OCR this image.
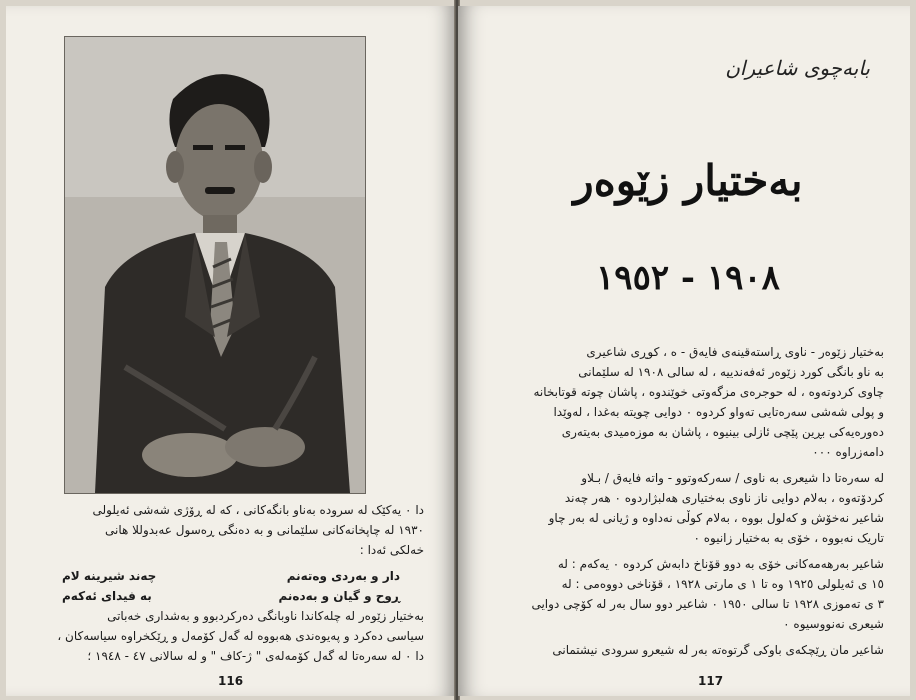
دا ٠ یەکێک لە سرودە بەناو بانگەکانی ، کە لە ڕۆژی شەشی ئەیلولی
١٩٣٠ لە چاپخانەکانی سلێمانی و بە دەنگی ڕەسول عەبدوللا هانی
خەلکی ئەدا :
دار و بەردی وەتەنم
چەند شیرینە لام
ڕوح و گیان و بەدەنم
بە فیدای ئەکەم
بەختیار زێوەر لە چلەکاندا ناوبانگی دەرکردبوو و بەشداری خەباتی
سیاسی دەکرد و پەیوەندی هەبووە لە گەل کۆمەل و ڕێکخراوە سیاسەکان ،
دا ٠ لە سەرەتا لە گەل کۆمەلەی " ژ-کاف " و لە سالانی ٤٧ - ١٩٤٨ ؛
116
بابەچوی شاعیران
بەختیار زێوەر
١٩٠٨ - ١٩٥٢
بەختیار زێوەر - ناوی ڕاستەقینەی فایەق - ە ، کوڕی شاعیری
بە ناو بانگی کورد زێوەر ئەفەندییە ، لە سالی ١٩٠٨ لە سلێمانی
چاوی کردوتەوە ، لە حوجرەی مزگەوتی خوێندوە ، پاشان چوتە قوتابخانە
و پولی شەشی سەرەتایی تەواو کردوە ٠ دوایی چویتە بەغدا ، لەوێدا
دەورەیەکی بڕین پێچی ئازلی بینیوە ، پاشان بە موزەمیدی بەیتەری
دامەزراوە ٠٠٠
لە سەرەتا دا شیعری بە ناوی / سەرکەوتوو - واتە فایەق / بـلاو
کردۆتەوە ، بەلام دوایی ناز ناوی بەختیاری هەلبژاردوە ٠ هەر چەند
شاعیر نەخۆش و کەلول بووە ، بەلام کوڵی نەداوە و ژیانی لە بەر چاو
تاریک نەبووە ، خۆی بە بەختیار زانیوە ٠
شاعیر بەرهەمەکانی خۆی بە دوو قۆناخ دابەش کردوە ٠ یەکەم : لە
١٥ ی ئەیلولی ١٩٢٥ وە تا ١ ی مارتی ١٩٢٨ ، قۆناخی دووەمی : لە
٣ ی تەموزی ١٩٢٨ تا سالی ١٩٥٠ ٠ شاعیر دوو سال بەر لە کۆچی دوایی
شیعری نەنووسیوە ٠
شاعیر مان ڕێچکەی باوکی گرتوەتە بەر لە شیعرو سرودی نیشتمانی
117
